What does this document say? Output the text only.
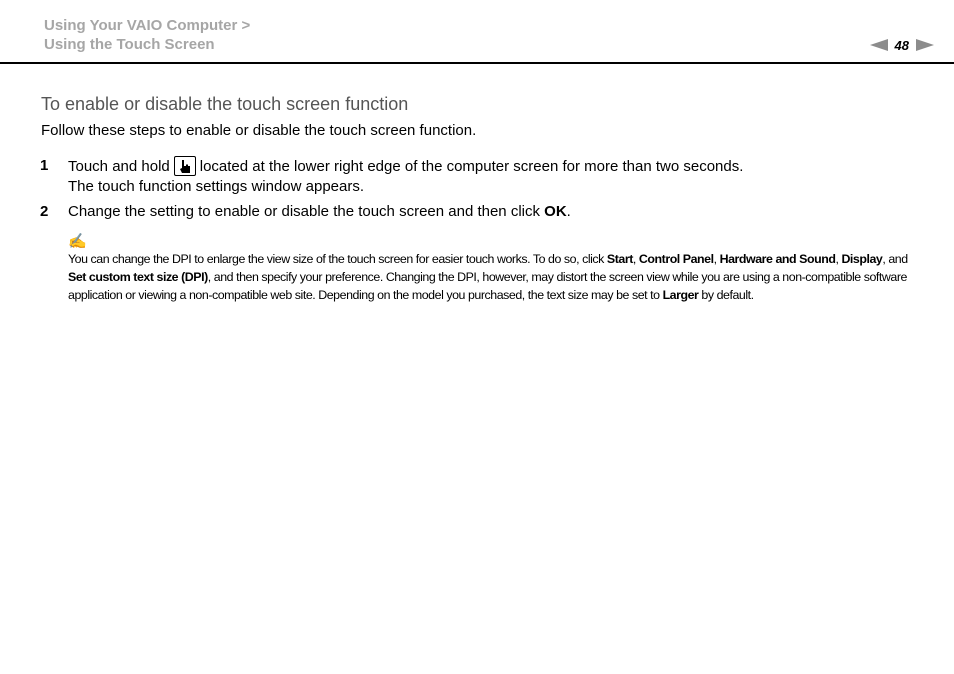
Using Your VAIO Computer >
Using the Touch Screen	48
To enable or disable the touch screen function
Follow these steps to enable or disable the touch screen function.
1 Touch and hold located at the lower right edge of the computer screen for more than two seconds.
The touch function settings window appears.
2 Change the setting to enable or disable the touch screen and then click OK.
✍
You can change the DPI to enlarge the view size of the touch screen for easier touch works. To do so, click Start, Control Panel, Hardware and Sound, Display, and Set custom text size (DPI), and then specify your preference. Changing the DPI, however, may distort the screen view while you are using a non-compatible software application or viewing a non-compatible web site. Depending on the model you purchased, the text size may be set to Larger by default.
